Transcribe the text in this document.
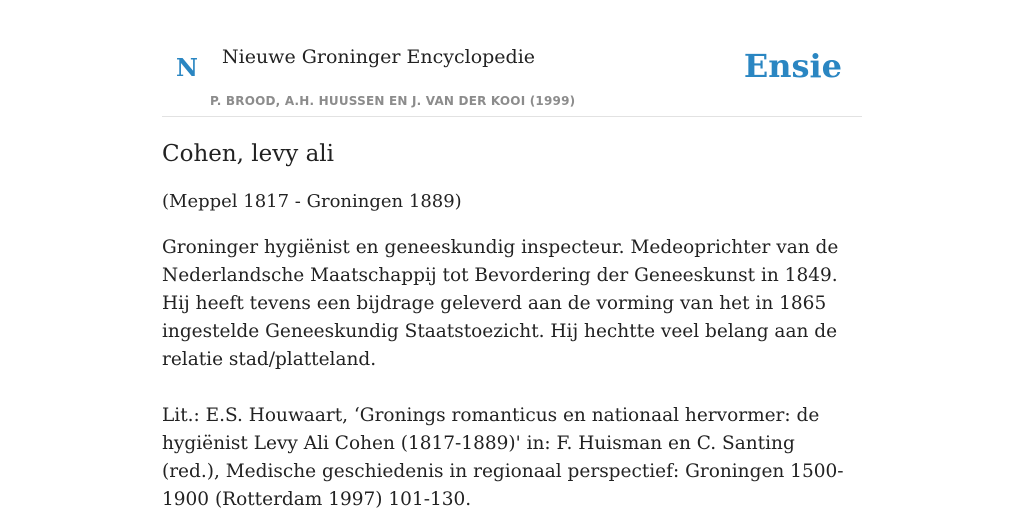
N Nieuwe Groninger Encyclopedie
P. BROOD, A.H. HUUSSEN EN J. VAN DER KOOI (1999)
Ensie
Cohen, levy ali

(Meppel 1817 - Groningen 1889)

Groninger hygiënist en geneeskundig inspecteur. Medeoprichter van de Nederlandsche Maatschappij tot Bevordering der Geneeskunst in 1849. Hij heeft tevens een bijdrage geleverd aan de vorming van het in 1865 ingestelde Geneeskundig Staatstoezicht. Hij hechtte veel belang aan de relatie stad/platteland.

Lit.: E.S. Houwaart, ‘Gronings romanticus en nationaal hervormer: de hygiënist Levy Ali Cohen (1817-1889)' in: F. Huisman en C. Santing (red.), Medische geschiedenis in regionaal perspectief: Groningen 1500-1900 (Rotterdam 1997) 101-130.
